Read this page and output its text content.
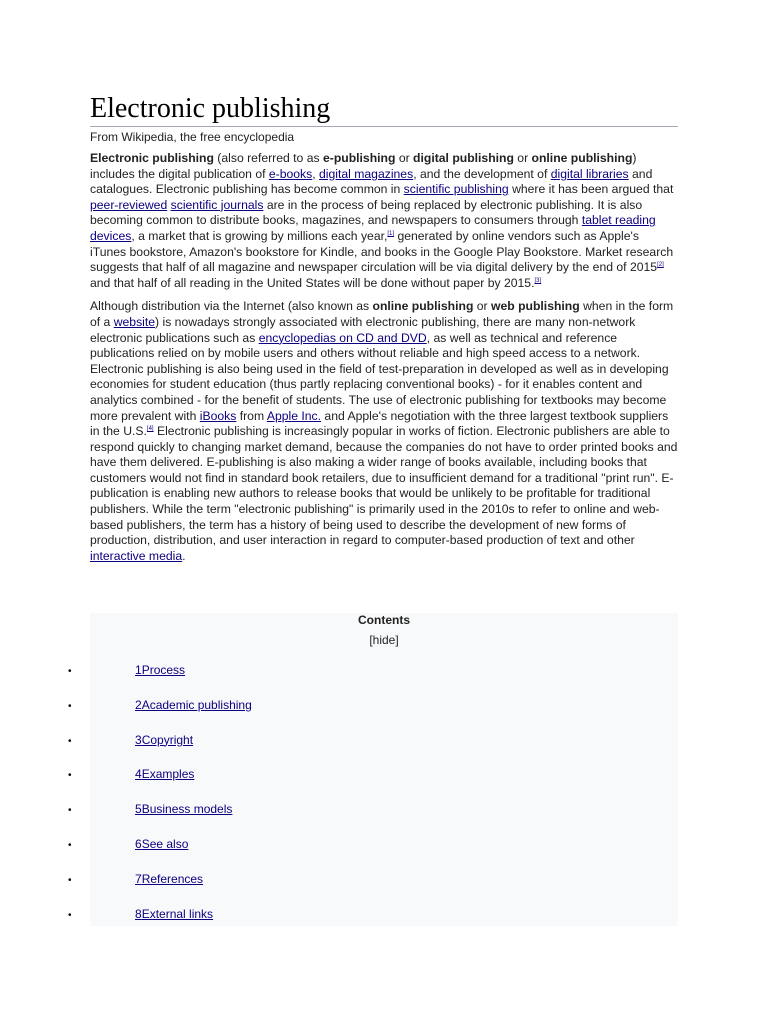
Electronic publishing
From Wikipedia, the free encyclopedia

Electronic publishing (also referred to as e-publishing or digital publishing or online publishing) includes the digital publication of e-books, digital magazines, and the development of digital libraries and catalogues. Electronic publishing has become common in scientific publishing where it has been argued that peer-reviewed scientific journals are in the process of being replaced by electronic publishing. It is also becoming common to distribute books, magazines, and newspapers to consumers through tablet reading devices, a market that is growing by millions each year,[1] generated by online vendors such as Apple's iTunes bookstore, Amazon's bookstore for Kindle, and books in the Google Play Bookstore. Market research suggests that half of all magazine and newspaper circulation will be via digital delivery by the end of 2015[2] and that half of all reading in the United States will be done without paper by 2015.[3]

Although distribution via the Internet (also known as online publishing or web publishing when in the form of a website) is nowadays strongly associated with electronic publishing, there are many non-network electronic publications such as encyclopedias on CD and DVD, as well as technical and reference publications relied on by mobile users and others without reliable and high speed access to a network. Electronic publishing is also being used in the field of test-preparation in developed as well as in developing economies for student education (thus partly replacing conventional books) - for it enables content and analytics combined - for the benefit of students. The use of electronic publishing for textbooks may become more prevalent with iBooks from Apple Inc. and Apple's negotiation with the three largest textbook suppliers in the U.S.[4] Electronic publishing is increasingly popular in works of fiction. Electronic publishers are able to respond quickly to changing market demand, because the companies do not have to order printed books and have them delivered. E-publishing is also making a wider range of books available, including books that customers would not find in standard book retailers, due to insufficient demand for a traditional "print run". E-publication is enabling new authors to release books that would be unlikely to be profitable for traditional publishers. While the term "electronic publishing" is primarily used in the 2010s to refer to online and web-based publishers, the term has a history of being used to describe the development of new forms of production, distribution, and user interaction in regard to computer-based production of text and other interactive media.

Contents
[hide]
•	1Process
•	2Academic publishing
•	3Copyright
•	4Examples
•	5Business models
•	6See also
•	7References
•	8External links
